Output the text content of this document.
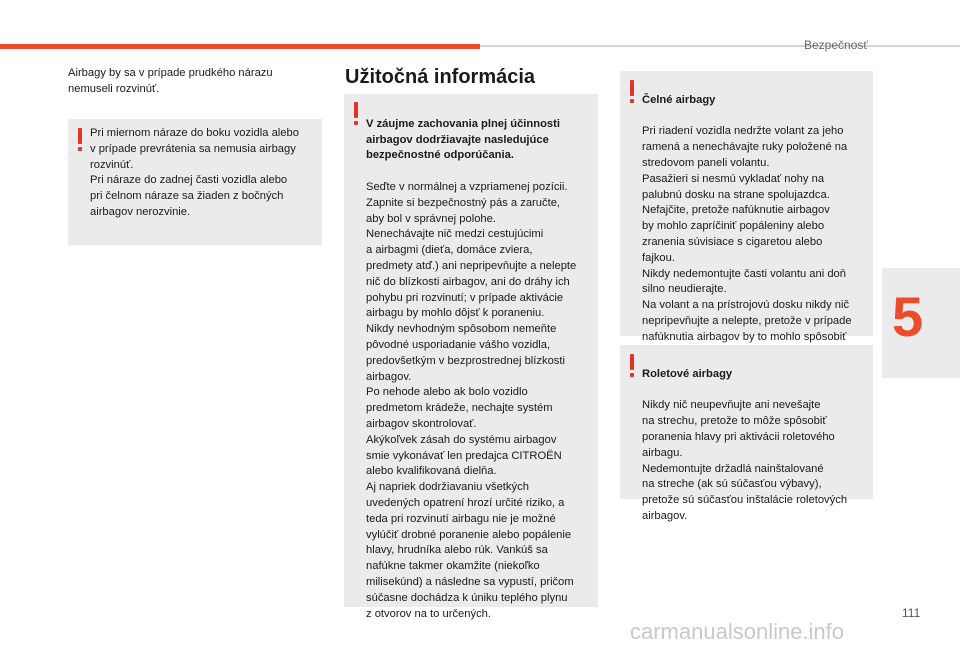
Bezpečnosť
Airbagy by sa v prípade prudkého nárazu nemuseli rozvinúť.
Užitočná informácia
Pri miernom náraze do boku vozidla alebo
v prípade prevrátenia sa nemusia airbagy
rozvinúť.
Pri náraze do zadnej časti vozidla alebo
pri čelnom náraze sa žiaden z bočných
airbagov nerozvinie.

V záujme zachovania plnej účinnosti
airbagov dodržiavajte nasledujúce
bezpečnostné odporúčania.

Seďte v normálnej a vzpriamenej pozícii.
Zapnite si bezpečnostný pás a zaručte,
aby bol v správnej polohe.
Nenechávajte nič medzi cestujúcimi
a airbagmi (dieťa, domáce zviera,
predmety atď.) ani nepripevňujte a nelepte
nič do blízkosti airbagov, ani do dráhy ich
pohybu pri rozvinutí; v prípade aktivácie
airbagu by mohlo dôjsť k poraneniu.
Nikdy nevhodným spôsobom nemeňte
pôvodné usporiadanie vášho vozidla,
predovšetkým v bezprostrednej blízkosti
airbagov.
Po nehode alebo ak bolo vozidlo
predmetom krádeže, nechajte systém
airbagov skontrolovať.
Akýkoľvek zásah do systému airbagov
smie vykonávať len predajca CITROËN
alebo kvalifikovaná dielňa.
Aj napriek dodržiavaniu všetkých
uvedených opatrení hrozí určité riziko, a
teda pri rozvinutí airbagu nie je možné
vylúčiť drobné poranenie alebo popálenie
hlavy, hrudníka alebo rúk. Vankúš sa
nafúkne takmer okamžite (niekoľko
milisekúnd) a následne sa vypustí, pričom
súčasne dochádza k úniku teplého plynu
z otvorov na to určených.

Čelné airbagy

Pri riadení vozidla nedržte volant za jeho
ramená a nenechávajte ruky položené na
stredovom paneli volantu.
Pasažieri si nesmú vykladať nohy na
palubnú dosku na strane spolujazdca.
Nefajčite, pretože nafúknutie airbagov
by mohlo zapríčiniť popáleniny alebo
zranenia súvisiace s cigaretou alebo
fajkou.
Nikdy nedemontujte časti volantu ani doň
silno neudierajte.
Na volant a na prístrojovú dosku nikdy nič
nepripevňujte a nelepte, pretože v prípade
nafúknutia airbagov by to mohlo spôsobiť

Roletové airbagy

Nikdy nič neupevňujte ani nevešajte
na strechu, pretože to môže spôsobiť
poranenia hlavy pri aktivácii roletového
airbagu.
Nedemontujte držadlá nainštalované
na streche (ak sú súčasťou výbavy),
pretože sú súčasťou inštalácie roletových
airbagov.

5
111
carmanualsonline.info
